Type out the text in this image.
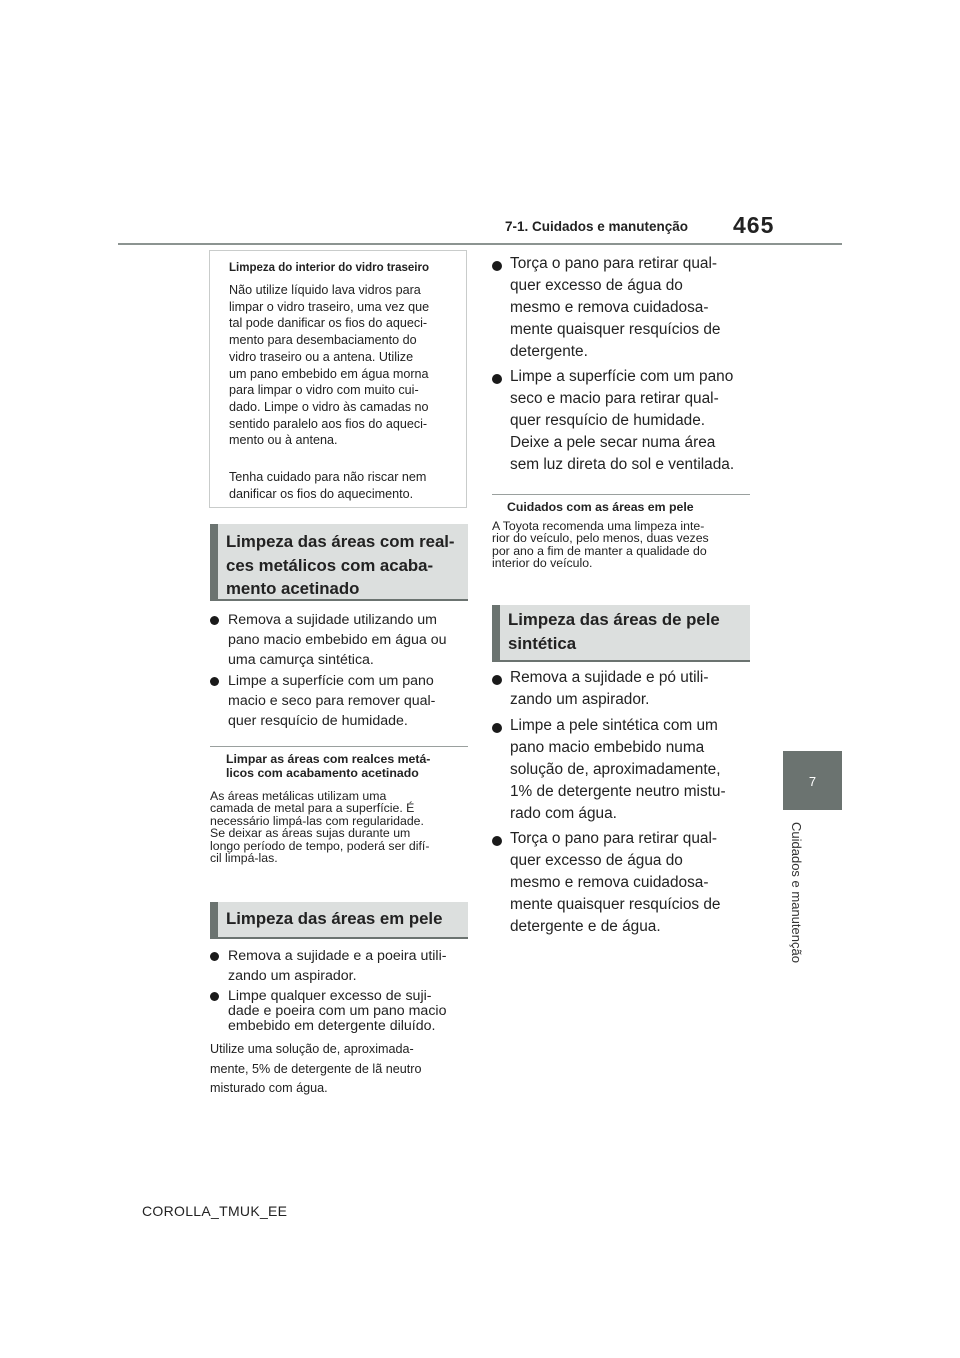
7-1. Cuidados e manutenção 465
7
Cuidados e manutenção
Limpeza do interior do vidro traseiro
Não utilize líquido lava vidros para
limpar o vidro traseiro, uma vez que
tal pode danificar os fios do aqueci-
mento para desembaciamento do
vidro traseiro ou a antena. Utilize
um pano embebido em água morna
para limpar o vidro com muito cui-
dado. Limpe o vidro às camadas no
sentido paralelo aos fios do aqueci-
mento ou à antena.
Tenha cuidado para não riscar nem
danificar os fios do aquecimento.
Limpeza das áreas com real-
ces metálicos com acaba-
mento acetinado
Remova a sujidade utilizando um
pano macio embebido em água ou
uma camurça sintética.
Limpe a superfície com um pano
macio e seco para remover qual-
quer resquício de humidade.
Limpar as áreas com realces metá-
licos com acabamento acetinado
As áreas metálicas utilizam uma
camada de metal para a superfície. É
necessário limpá-las com regularidade.
Se deixar as áreas sujas durante um
longo período de tempo, poderá ser difí-
cil limpá-las.
Limpeza das áreas em pele
Remova a sujidade e a poeira utili-
zando um aspirador.
Limpe qualquer excesso de suji-
dade e poeira com um pano macio
embebido em detergente diluído.
Utilize uma solução de, aproximada-
mente, 5% de detergente de lã neutro
misturado com água.
Torça o pano para retirar qual-
quer excesso de água do
mesmo e remova cuidadosa-
mente quaisquer resquícios de
detergente.
Limpe a superfície com um pano
seco e macio para retirar qual-
quer resquício de humidade.
Deixe a pele secar numa área
sem luz direta do sol e ventilada.
Cuidados com as áreas em pele
A Toyota recomenda uma limpeza inte-
rior do veículo, pelo menos, duas vezes
por ano a fim de manter a qualidade do
interior do veículo.
Limpeza das áreas de pele
sintética
Remova a sujidade e pó utili-
zando um aspirador.
Limpe a pele sintética com um
pano macio embebido numa
solução de, aproximadamente,
1% de detergente neutro mistu-
rado com água.
Torça o pano para retirar qual-
quer excesso de água do
mesmo e remova cuidadosa-
mente quaisquer resquícios de
detergente e de água.
COROLLA_TMUK_EE
